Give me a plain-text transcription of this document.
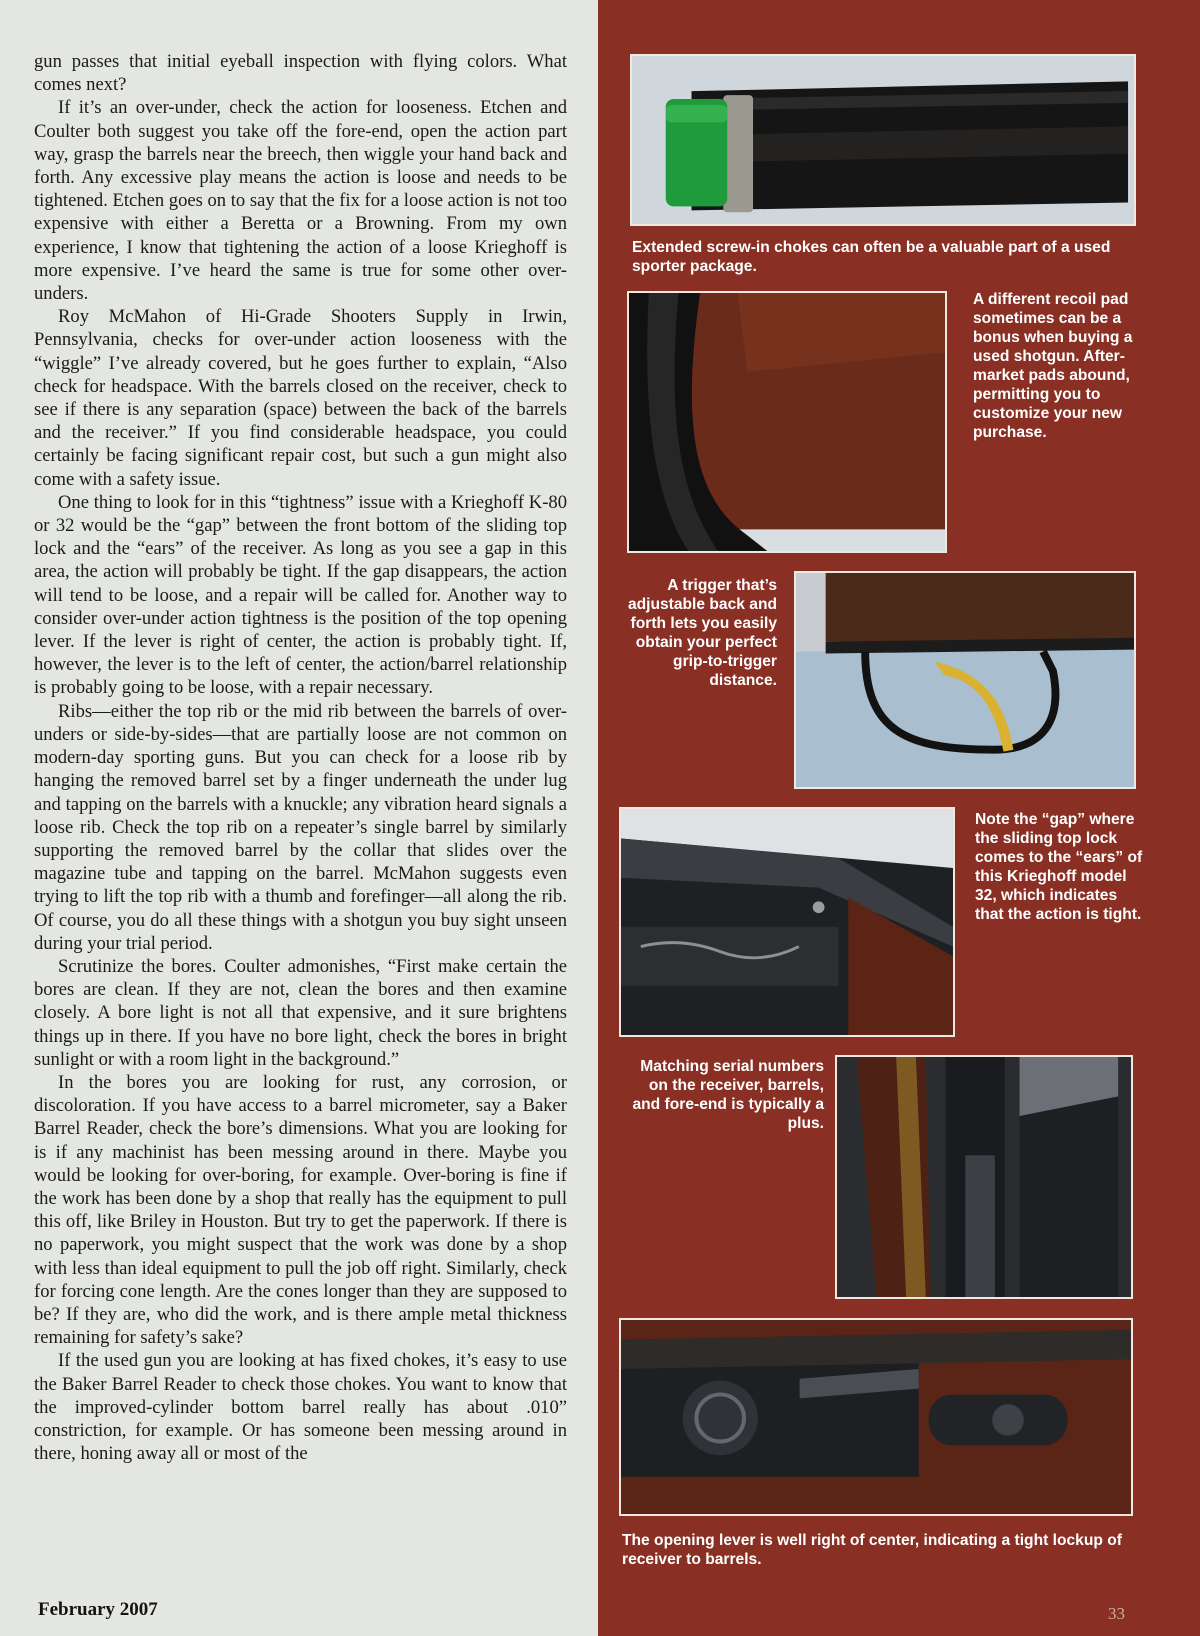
gun passes that initial eyeball inspection with flying colors. What comes next?

If it’s an over-under, check the action for looseness. Etchen and Coulter both suggest you take off the fore-end, open the action part way, grasp the barrels near the breech, then wiggle your hand back and forth. Any excessive play means the action is loose and needs to be tightened. Etchen goes on to say that the fix for a loose action is not too expensive with either a Beretta or a Browning. From my own experience, I know that tightening the action of a loose Krieghoff is more expensive. I’ve heard the same is true for some other over-unders.

Roy McMahon of Hi-Grade Shooters Supply in Irwin, Pennsylvania, checks for over-under action looseness with the “wiggle” I’ve already covered, but he goes further to explain, “Also check for headspace. With the barrels closed on the receiver, check to see if there is any separation (space) between the back of the barrels and the receiver.” If you find considerable headspace, you could certainly be facing significant repair cost, but such a gun might also come with a safety issue.

One thing to look for in this “tightness” issue with a Krieghoff K-80 or 32 would be the “gap” between the front bottom of the sliding top lock and the “ears” of the receiver. As long as you see a gap in this area, the action will probably be tight. If the gap disappears, the action will tend to be loose, and a repair will be called for. Another way to consider over-under action tightness is the position of the top opening lever. If the lever is right of center, the action is probably tight. If, however, the lever is to the left of center, the action/barrel relationship is probably going to be loose, with a repair necessary.

Ribs—either the top rib or the mid rib between the barrels of over-unders or side-by-sides—that are partially loose are not common on modern-day sporting guns. But you can check for a loose rib by hanging the removed barrel set by a finger underneath the under lug and tapping on the barrels with a knuckle; any vibration heard signals a loose rib. Check the top rib on a repeater’s single barrel by similarly supporting the removed barrel by the collar that slides over the magazine tube and tapping on the barrel. McMahon suggests even trying to lift the top rib with a thumb and forefinger—all along the rib. Of course, you do all these things with a shotgun you buy sight unseen during your trial period.

Scrutinize the bores. Coulter admonishes, “First make certain the bores are clean. If they are not, clean the bores and then examine closely. A bore light is not all that expensive, and it sure brightens things up in there. If you have no bore light, check the bores in bright sunlight or with a room light in the background.”

In the bores you are looking for rust, any corrosion, or discoloration. If you have access to a barrel micrometer, say a Baker Barrel Reader, check the bore’s dimensions. What you are looking for is if any machinist has been messing around in there. Maybe you would be looking for over-boring, for example. Over-boring is fine if the work has been done by a shop that really has the equipment to pull this off, like Briley in Houston. But try to get the paperwork. If there is no paperwork, you might suspect that the work was done by a shop with less than ideal equipment to pull the job off right. Similarly, check for forcing cone length. Are the cones longer than they are supposed to be? If they are, who did the work, and is there ample metal thickness remaining for safety’s sake?

If the used gun you are looking at has fixed chokes, it’s easy to use the Baker Barrel Reader to check those chokes. You want to know that the improved-cylinder bottom barrel really has about .010” constriction, for example. Or has someone been messing around in there, honing away all or most of the

February 2007
Extended screw-in chokes can often be a valuable part of a used sporter package.
A different recoil pad sometimes can be a bonus when buying a used shotgun. After-market pads abound, permitting you to customize your new purchase.
A trigger that’s adjustable back and forth lets you easily obtain your perfect grip-to-trigger distance.
Note the “gap” where the sliding top lock comes to the “ears” of this Krieghoff model 32, which indicates that the action is tight.
Matching serial numbers on the receiver, barrels, and fore-end is typically a plus.
The opening lever is well right of center, indicating a tight lockup of receiver to barrels.
33
